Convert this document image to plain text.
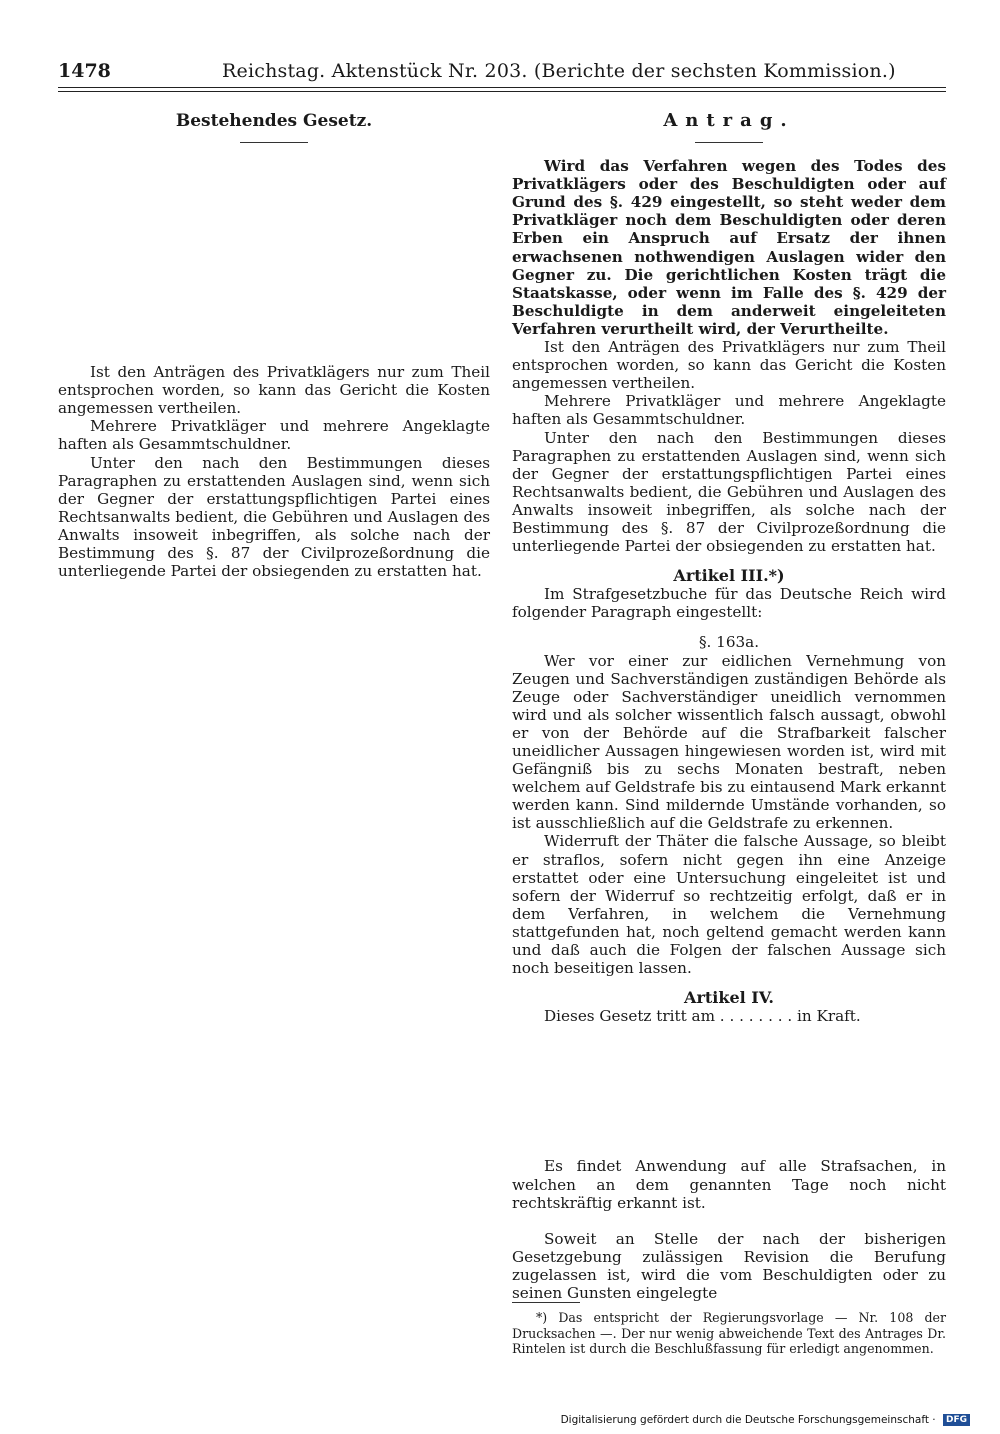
1478	Reichstag. Aktenstück Nr. 203. (Berichte der sechsten Kommission.)

Bestehendes Gesetz.

Ist den Anträgen des Privatklägers nur zum Theil entsprochen worden, so kann das Gericht die Kosten angemessen vertheilen.

Mehrere Privatkläger und mehrere Angeklagte haften als Gesammtschuldner.

Unter den nach den Bestimmungen dieses Paragraphen zu erstattenden Auslagen sind, wenn sich der Gegner der erstattungspflichtigen Partei eines Rechtsanwalts bedient, die Gebühren und Auslagen des Anwalts insoweit inbegriffen, als solche nach der Bestimmung des §. 87 der Civilprozeßordnung die unterliegende Partei der obsiegenden zu erstatten hat.

Antrag.

Wird das Verfahren wegen des Todes des Privatklägers oder des Beschuldigten oder auf Grund des §. 429 eingestellt, so steht weder dem Privatkläger noch dem Beschuldigten oder deren Erben ein Anspruch auf Ersatz der ihnen erwachsenen nothwendigen Auslagen wider den Gegner zu. Die gerichtlichen Kosten trägt die Staatskasse, oder wenn im Falle des §. 429 der Beschuldigte in dem anderweit eingeleiteten Verfahren verurtheilt wird, der Verurtheilte.

Ist den Anträgen des Privatklägers nur zum Theil entsprochen worden, so kann das Gericht die Kosten angemessen vertheilen.

Mehrere Privatkläger und mehrere Angeklagte haften als Gesammtschuldner.

Unter den nach den Bestimmungen dieses Paragraphen zu erstattenden Auslagen sind, wenn sich der Gegner der erstattungspflichtigen Partei eines Rechtsanwalts bedient, die Gebühren und Auslagen des Anwalts insoweit inbegriffen, als solche nach der Bestimmung des §. 87 der Civilprozeßordnung die unterliegende Partei der obsiegenden zu erstatten hat.

Artikel III.*)

Im Strafgesetzbuche für das Deutsche Reich wird folgender Paragraph eingestellt:

§. 163a.

Wer vor einer zur eidlichen Vernehmung von Zeugen und Sachverständigen zuständigen Behörde als Zeuge oder Sachverständiger uneidlich vernommen wird und als solcher wissentlich falsch aussagt, obwohl er von der Behörde auf die Strafbarkeit falscher uneidlicher Aussagen hingewiesen worden ist, wird mit Gefängniß bis zu sechs Monaten bestraft, neben welchem auf Geldstrafe bis zu eintausend Mark erkannt werden kann. Sind mildernde Umstände vorhanden, so ist ausschließlich auf die Geldstrafe zu erkennen.

Widerruft der Thäter die falsche Aussage, so bleibt er straflos, sofern nicht gegen ihn eine Anzeige erstattet oder eine Untersuchung eingeleitet ist und sofern der Widerruf so rechtzeitig erfolgt, daß er in dem Verfahren, in welchem die Vernehmung stattgefunden hat, noch geltend gemacht werden kann und daß auch die Folgen der falschen Aussage sich noch beseitigen lassen.

Artikel IV.

Dieses Gesetz tritt am . . . . . . . . in Kraft.

Es findet Anwendung auf alle Strafsachen, in welchen an dem genannten Tage noch nicht rechtskräftig erkannt ist.

Soweit an Stelle der nach der bisherigen Gesetzgebung zulässigen Revision die Berufung zugelassen ist, wird die vom Beschuldigten oder zu seinen Gunsten eingelegte

*) Das entspricht der Regierungsvorlage — Nr. 108 der Drucksachen —. Der nur wenig abweichende Text des Antrages Dr. Rintelen ist durch die Beschlußfassung für erledigt angenommen.

Digitalisierung gefördert durch die Deutsche Forschungsgemeinschaft · DFG
